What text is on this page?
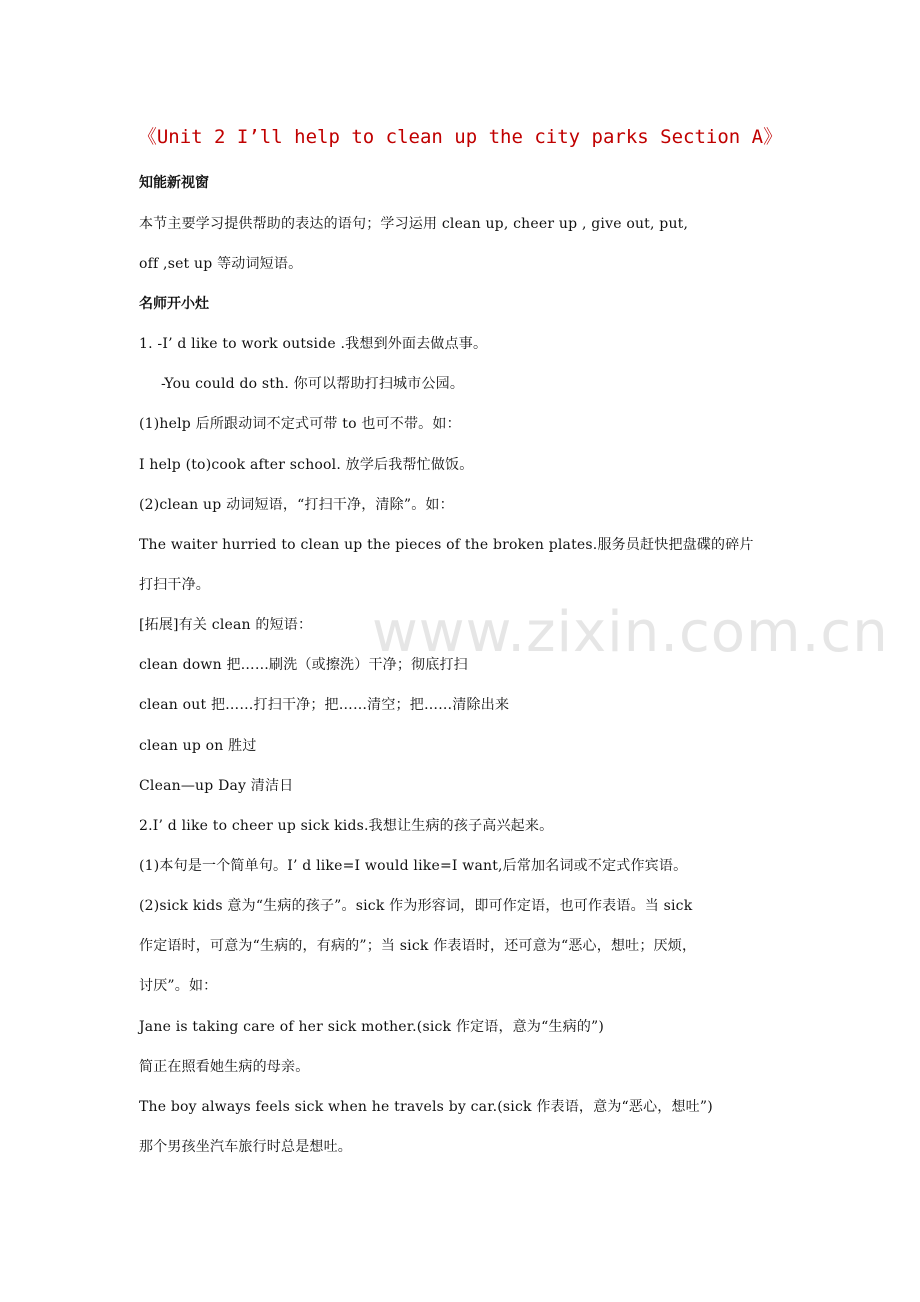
www.zixin.com.cn
《Unit 2 I’ll help to clean up the city parks Section A》
知能新视窗
本节主要学习提供帮助的表达的语句；学习运用 clean up, cheer up , give out, put,
off ,set up 等动词短语。
名师开小灶
1. -I’ d like to work outside .我想到外面去做点事。
-You could do sth. 你可以帮助打扫城市公园。
(1)help 后所跟动词不定式可带 to 也可不带。如：
I help (to)cook after school. 放学后我帮忙做饭。
(2)clean up 动词短语，“打扫干净，清除”。如：
The waiter hurried to clean up the pieces of the broken plates.服务员赶快把盘碟的碎片
打扫干净。
[拓展]有关 clean 的短语：
clean down 把……刷洗（或擦洗）干净；彻底打扫
clean out 把……打扫干净；把……清空；把……清除出来
clean up on 胜过
Clean—up Day 清洁日
2.I’ d like to cheer up sick kids.我想让生病的孩子高兴起来。
(1)本句是一个简单句。I’ d like=I would like=I want,后常加名词或不定式作宾语。
(2)sick kids 意为“生病的孩子”。sick 作为形容词，即可作定语，也可作表语。当 sick
作定语时，可意为“生病的，有病的”；当 sick 作表语时，还可意为“恶心，想吐；厌烦，
讨厌”。如：
Jane is taking care of her sick mother.(sick 作定语，意为“生病的”)
简正在照看她生病的母亲。
The boy always feels sick when he travels by car.(sick 作表语，意为“恶心，想吐”)
那个男孩坐汽车旅行时总是想吐。
